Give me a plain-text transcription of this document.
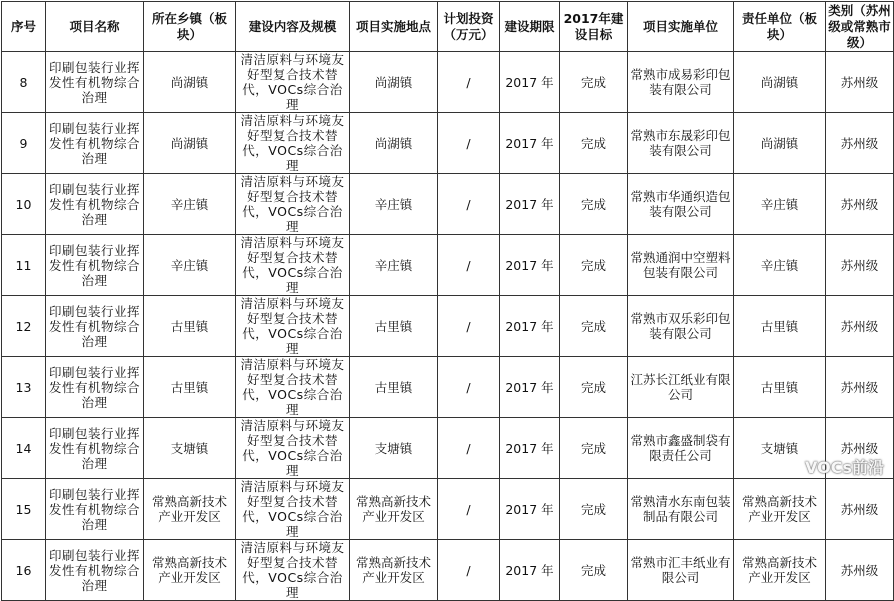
序号	项目名称	所在乡镇（板块）	建设内容及规模	项目实施地点	计划投资（万元）	建设期限	2017年建设目标	项目实施单位	责任单位（板块）	类别（苏州级或常熟市级）
8	印刷包装行业挥发性有机物综合治理	尚湖镇	清洁原料与环境友好型复合技术替代，VOCs综合治理	尚湖镇	/	2017 年	完成	常熟市成易彩印包装有限公司	尚湖镇	苏州级
9	印刷包装行业挥发性有机物综合治理	尚湖镇	清洁原料与环境友好型复合技术替代，VOCs综合治理	尚湖镇	/	2017 年	完成	常熟市东晟彩印包装有限公司	尚湖镇	苏州级
10	印刷包装行业挥发性有机物综合治理	辛庄镇	清洁原料与环境友好型复合技术替代，VOCs综合治理	辛庄镇	/	2017 年	完成	常熟市华通织造包装有限公司	辛庄镇	苏州级
11	印刷包装行业挥发性有机物综合治理	辛庄镇	清洁原料与环境友好型复合技术替代，VOCs综合治理	辛庄镇	/	2017 年	完成	常熟通润中空塑料包装有限公司	辛庄镇	苏州级
12	印刷包装行业挥发性有机物综合治理	古里镇	清洁原料与环境友好型复合技术替代，VOCs综合治理	古里镇	/	2017 年	完成	常熟市双乐彩印包装有限公司	古里镇	苏州级
13	印刷包装行业挥发性有机物综合治理	古里镇	清洁原料与环境友好型复合技术替代，VOCs综合治理	古里镇	/	2017 年	完成	江苏长江纸业有限公司	古里镇	苏州级
14	印刷包装行业挥发性有机物综合治理	支塘镇	清洁原料与环境友好型复合技术替代，VOCs综合治理	支塘镇	/	2017 年	完成	常熟市鑫盛制袋有限责任公司	支塘镇	苏州级
15	印刷包装行业挥发性有机物综合治理	常熟高新技术产业开发区	清洁原料与环境友好型复合技术替代，VOCs综合治理	常熟高新技术产业开发区	/	2017 年	完成	常熟清水东南包装制品有限公司	常熟高新技术产业开发区	苏州级
16	印刷包装行业挥发性有机物综合治理	常熟高新技术产业开发区	清洁原料与环境友好型复合技术替代，VOCs综合治理	常熟高新技术产业开发区	/	2017 年	完成	常熟市汇丰纸业有限公司	常熟高新技术产业开发区	苏州级
VOCs前沿
